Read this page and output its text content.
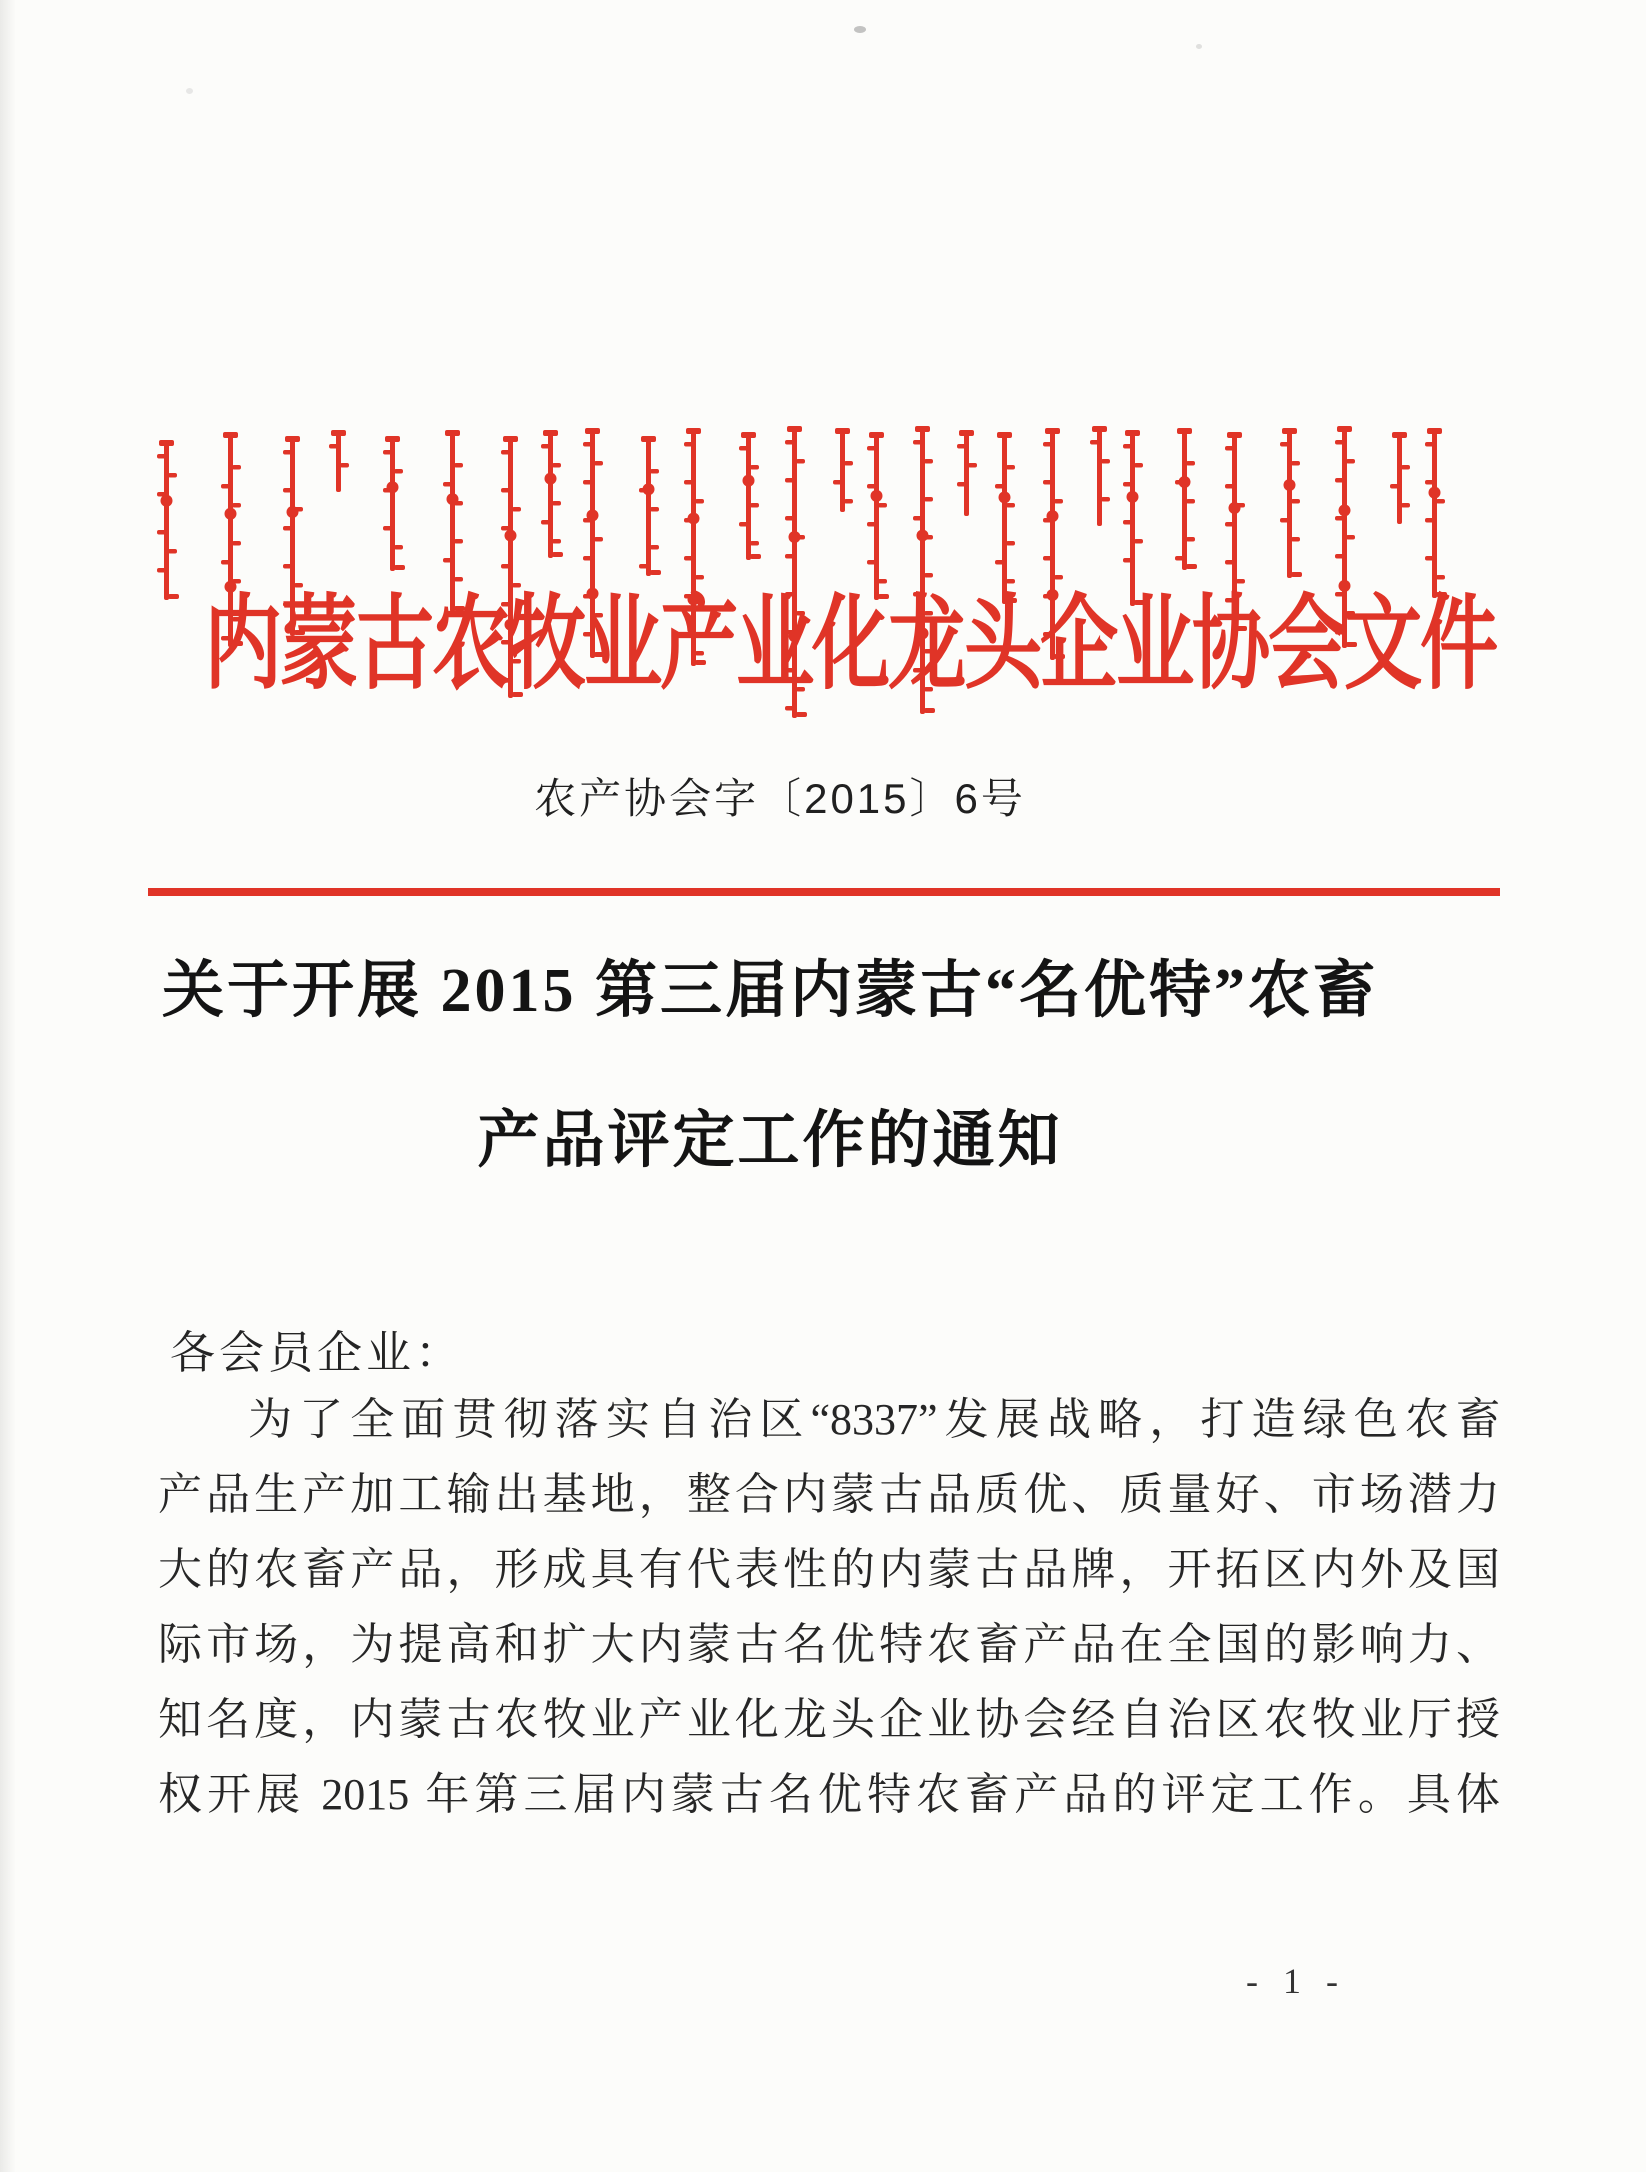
内蒙古农牧业产业化龙头企业协会文件
农产协会字〔2015〕6号
关于开展 2015 第三届内蒙古“名优特”农畜
产品评定工作的通知
各会员企业：
为了全面贯彻落实自治区“8337”发展战略，打造绿色农畜
产品生产加工输出基地，整合内蒙古品质优、质量好、市场潜力
大的农畜产品，形成具有代表性的内蒙古品牌，开拓区内外及国
际市场，为提高和扩大内蒙古名优特农畜产品在全国的影响力、
知名度，内蒙古农牧业产业化龙头企业协会经自治区农牧业厅授
权开展 2015 年第三届内蒙古名优特农畜产品的评定工作。具体
- 1 -
